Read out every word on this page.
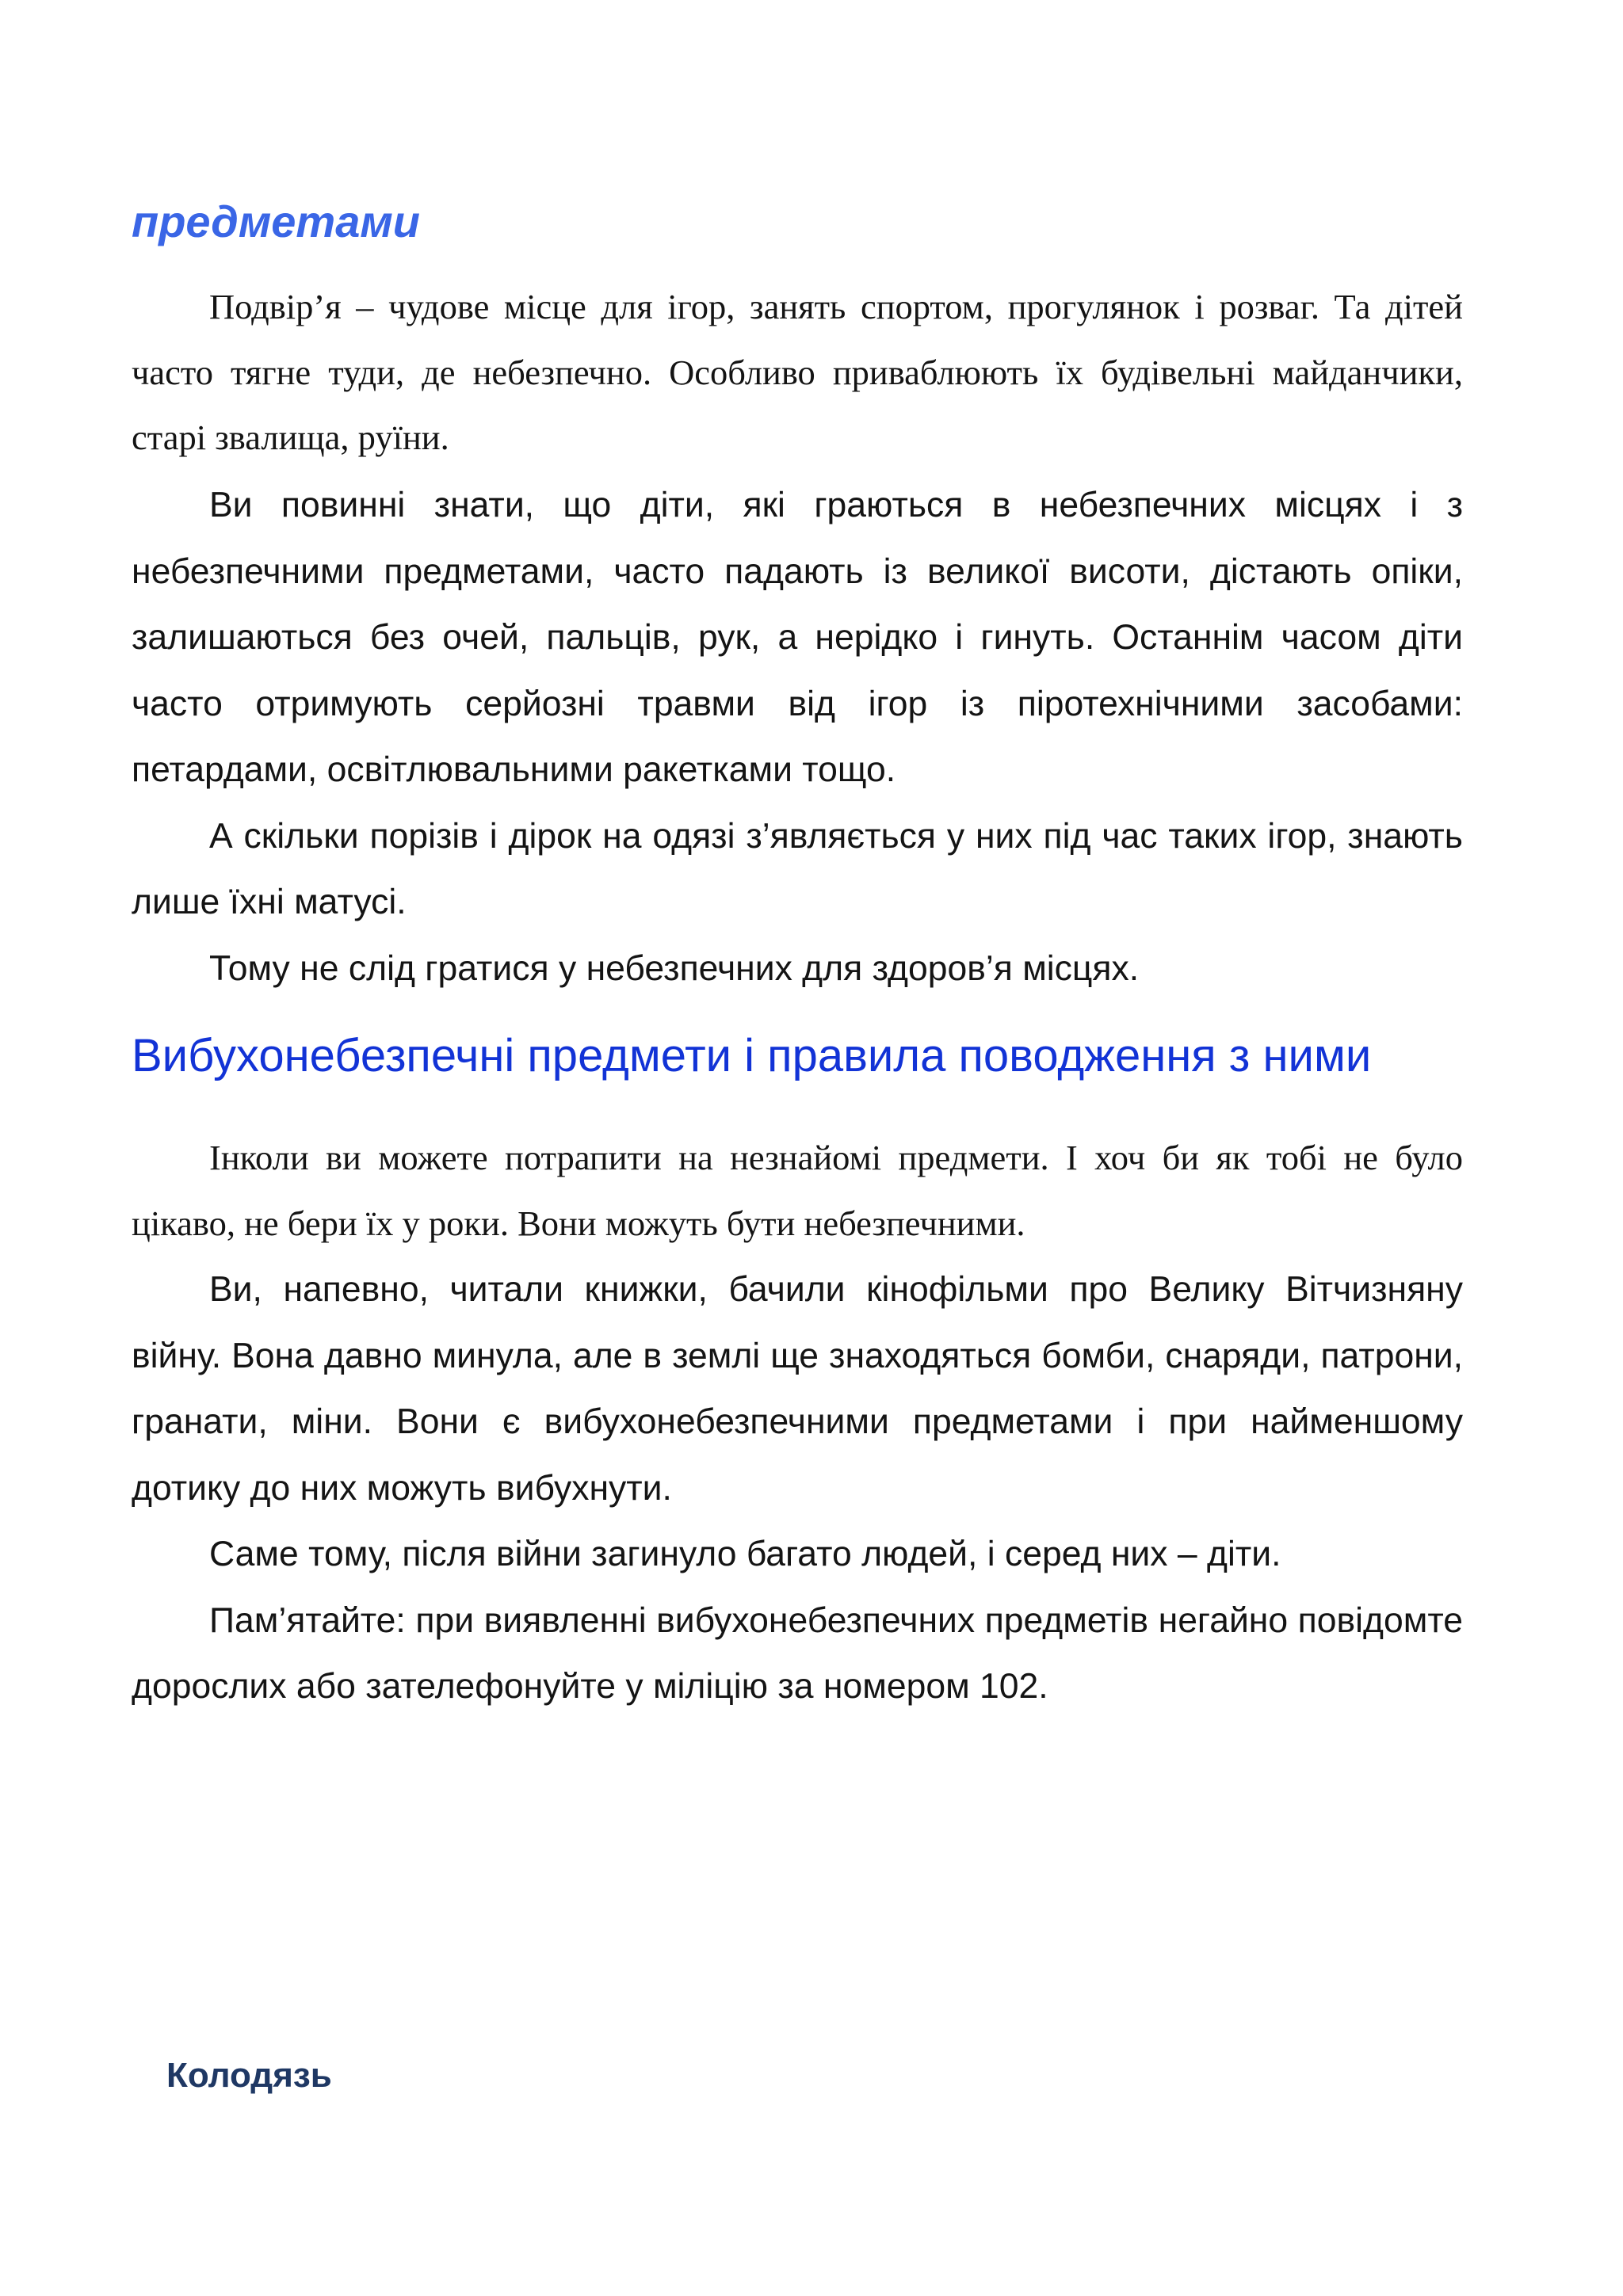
предметами

Подвір’я – чудове місце для ігор, занять спортом, прогулянок і розваг. Та дітей часто тягне туди, де небезпечно. Особливо приваблюють їх будівельні майданчики, старі звалища, руїни.

Ви повинні знати, що діти, які граються в небезпечних місцях і з небезпечними предметами, часто падають із великої висоти, дістають опіки, залишаються без очей, пальців, рук, а нерідко і гинуть. Останнім часом діти часто отримують серйозні травми від ігор із піротехнічними засобами: петардами, освітлювальними ракетками тощо.

А скільки порізів і дірок на одязі з’являється у них під час таких ігор, знають лише їхні матусі.

Тому не слід гратися у небезпечних для здоров’я місцях.

Вибухонебезпечні предмети і правила поводження з ними

Інколи ви можете потрапити на незнайомі предмети. І хоч би як тобі не було цікаво, не бери їх у роки. Вони можуть бути небезпечними.

Ви, напевно, читали книжки, бачили кінофільми про Велику Вітчизняну війну. Вона давно минула, але в землі ще знаходяться бомби, снаряди, патрони, гранати, міни. Вони є вибухонебезпечними предметами і при найменшому дотику до них можуть вибухнути.

Саме тому, після війни загинуло багато людей, і серед них – діти.

Пам’ятайте: при виявленні вибухонебезпечних предметів негайно повідомте дорослих або зателефонуйте у міліцію за номером 102.

Колодязь
